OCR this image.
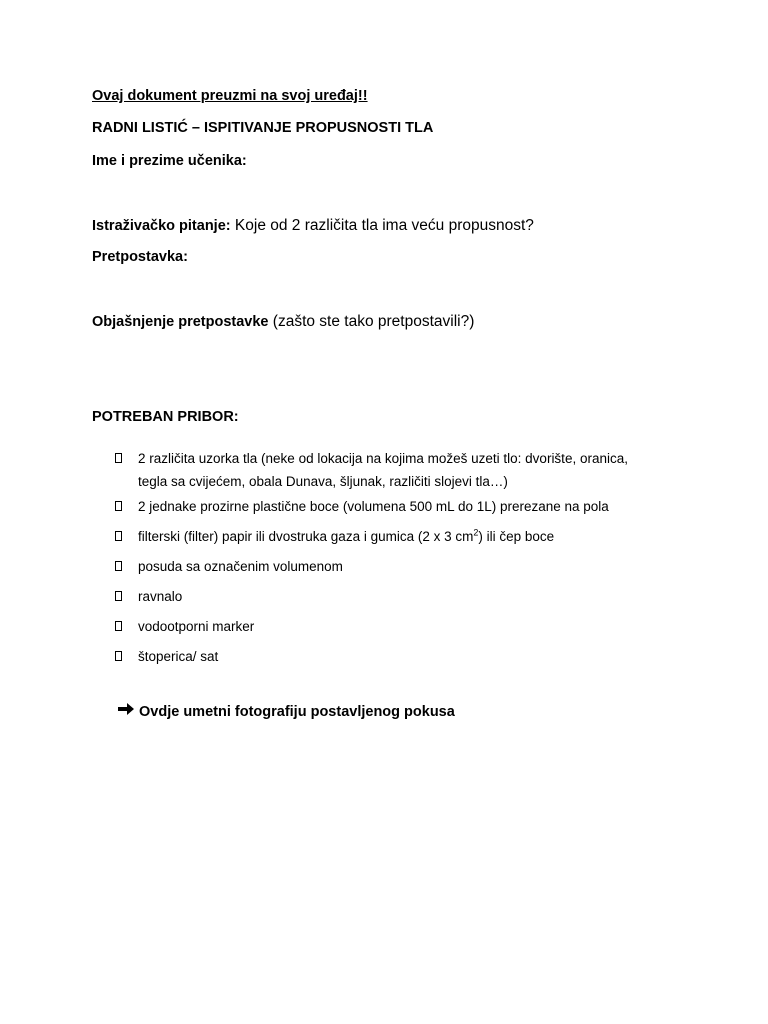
Ovaj dokument preuzmi na svoj uređaj!!
RADNI LISTIĆ – ISPITIVANJE PROPUSNOSTI TLA
Ime i prezime učenika:
Istraživačko pitanje: Koje od 2 različita tla ima veću propusnost?
Pretpostavka:
Objašnjenje pretpostavke (zašto ste tako pretpostavili?)
POTREBAN PRIBOR:
2 različita uzorka tla (neke od lokacija na kojima možeš uzeti tlo: dvorište, oranica, tegla sa cvijećem, obala Dunava, šljunak, različiti slojevi tla…)
2 jednake prozirne plastične boce (volumena 500 mL do 1L) prerezane na pola
filterski (filter) papir ili dvostruka gaza i gumica (2 x 3 $cm^2$) ili čep boce
posuda sa označenim volumenom
ravnalo
vodootporni marker
štoperica/ sat
Ovdje umetni fotografiju postavljenog pokusa
